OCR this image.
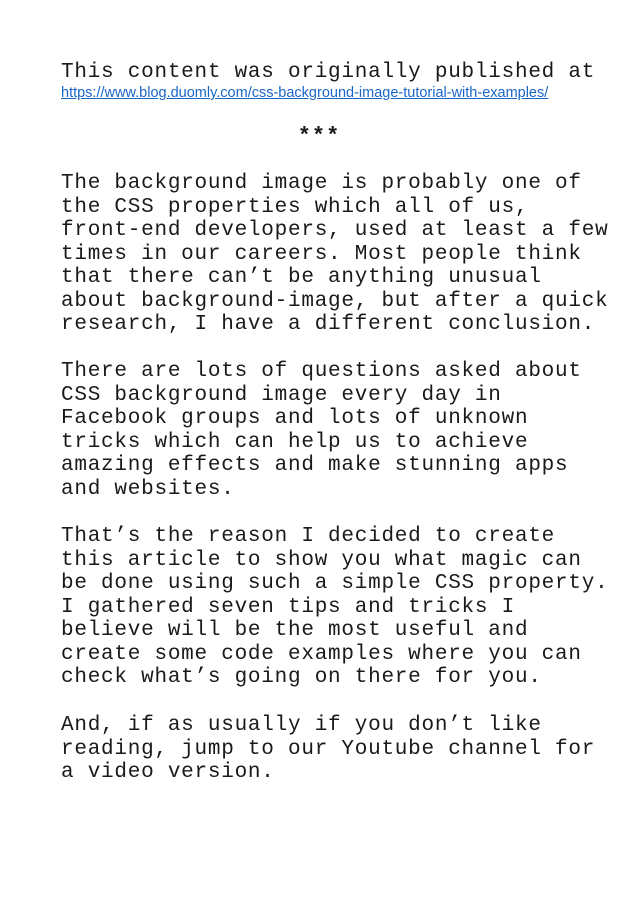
This content was originally published at
https://www.blog.duomly.com/css-background-image-tutorial-with-examples/
***

The background image is probably one of
the CSS properties which all of us,
front-end developers, used at least a few
times in our careers. Most people think
that there can’t be anything unusual
about background-image, but after a quick
research, I have a different conclusion.

There are lots of questions asked about
CSS background image every day in
Facebook groups and lots of unknown
tricks which can help us to achieve
amazing effects and make stunning apps
and websites.

That’s the reason I decided to create
this article to show you what magic can
be done using such a simple CSS property.
I gathered seven tips and tricks I
believe will be the most useful and
create some code examples where you can
check what’s going on there for you.

And, if as usually if you don’t like
reading, jump to our Youtube channel for
a video version.
